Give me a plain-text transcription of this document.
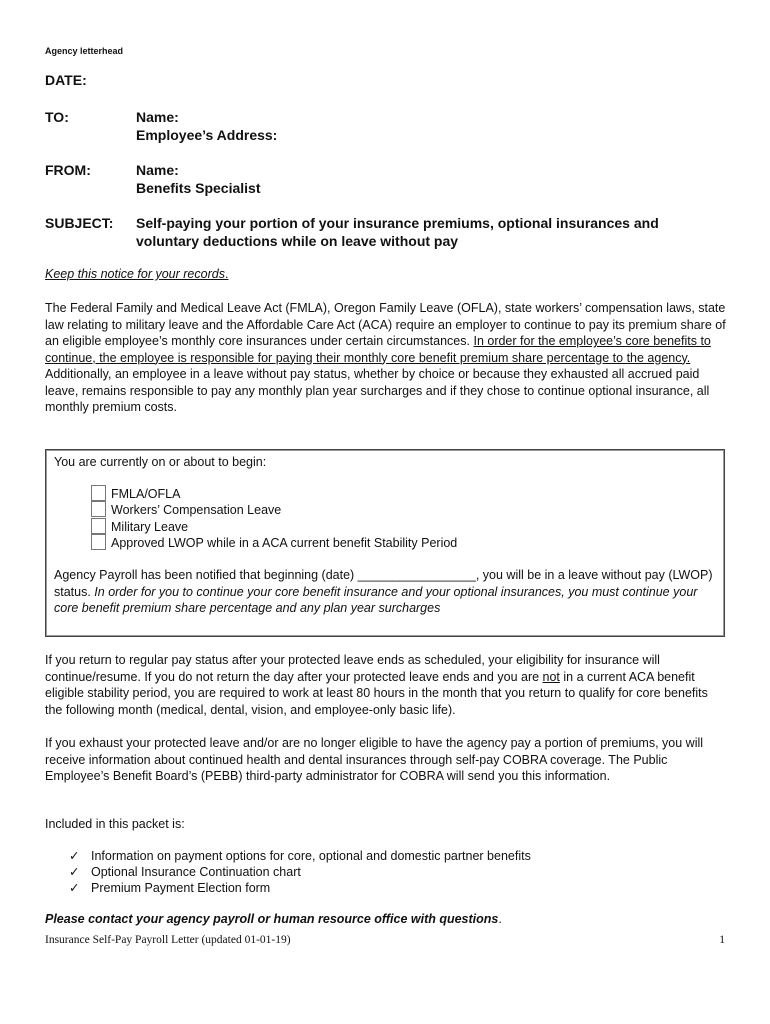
Agency letterhead
DATE:
TO:	Name:
Employee’s Address:
FROM:	Name:
Benefits Specialist
SUBJECT:	Self-paying your portion of your insurance premiums, optional insurances and
voluntary deductions while on leave without pay
Keep this notice for your records.
The Federal Family and Medical Leave Act (FMLA), Oregon Family Leave (OFLA), state workers’ compensation laws, state law relating to military leave and the Affordable Care Act (ACA) require an employer to continue to pay its premium share of an eligible employee’s monthly core insurances under certain circumstances. In order for the employee’s core benefits to continue, the employee is responsible for paying their monthly core benefit premium share percentage to the agency. Additionally, an employee in a leave without pay status, whether by choice or because they exhausted all accrued paid leave, remains responsible to pay any monthly plan year surcharges and if they chose to continue optional insurance, all monthly premium costs.
You are currently on or about to begin:
FMLA/OFLA
Workers’ Compensation Leave
Military Leave
Approved LWOP while in a ACA current benefit Stability Period
Agency Payroll has been notified that beginning (date) _________________, you will be in a leave without pay (LWOP) status. In order for you to continue your core benefit insurance and your optional insurances, you must continue your core benefit premium share percentage and any plan year surcharges
If you return to regular pay status after your protected leave ends as scheduled, your eligibility for insurance will continue/resume. If you do not return the day after your protected leave ends and you are not in a current ACA benefit eligible stability period, you are required to work at least 80 hours in the month that you return to qualify for core benefits the following month (medical, dental, vision, and employee-only basic life).
If you exhaust your protected leave and/or are no longer eligible to have the agency pay a portion of premiums, you will receive information about continued health and dental insurances through self-pay COBRA coverage. The Public Employee’s Benefit Board’s (PEBB) third-party administrator for COBRA will send you this information.
Included in this packet is:
✓ Information on payment options for core, optional and domestic partner benefits
✓ Optional Insurance Continuation chart
✓ Premium Payment Election form
Please contact your agency payroll or human resource office with questions.
Insurance Self-Pay Payroll Letter (updated 01-01-19)	1
